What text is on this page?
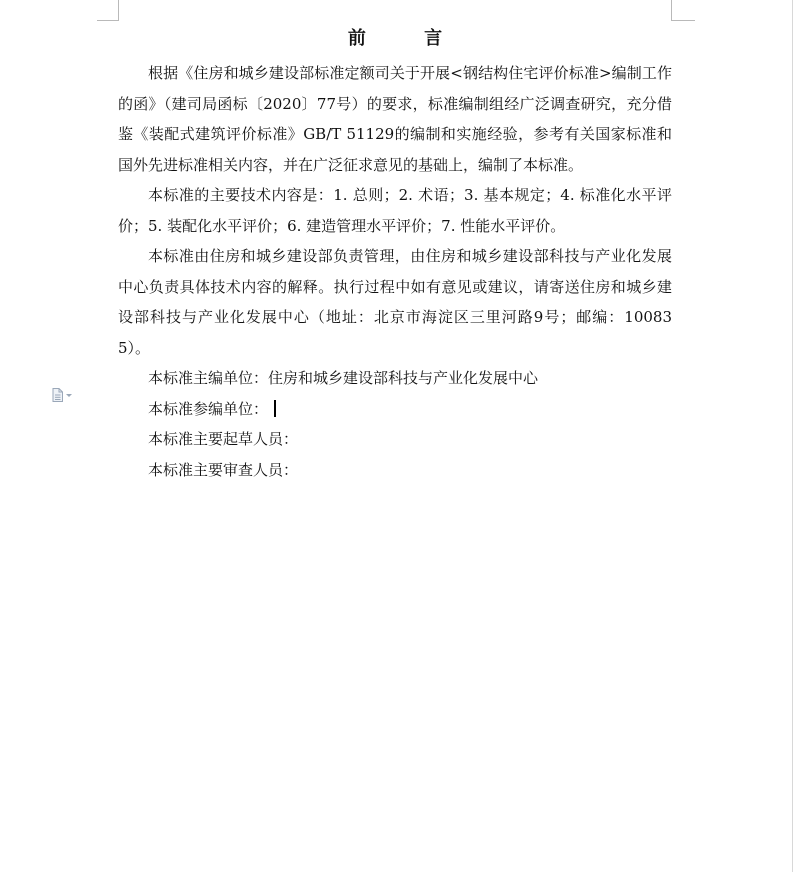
前 言

根据《住房和城乡建设部标准定额司关于开展<钢结构住宅评价标准>编制工作的函》（建司局函标〔2020〕77号）的要求，标准编制组经广泛调查研究，充分借鉴《装配式建筑评价标准》GB/T 51129的编制和实施经验，参考有关国家标准和国外先进标准相关内容，并在广泛征求意见的基础上，编制了本标准。

本标准的主要技术内容是：1. 总则；2. 术语；3. 基本规定；4. 标准化水平评价；5. 装配化水平评价；6. 建造管理水平评价；7. 性能水平评价。

本标准由住房和城乡建设部负责管理，由住房和城乡建设部科技与产业化发展中心负责具体技术内容的解释。执行过程中如有意见或建议，请寄送住房和城乡建设部科技与产业化发展中心（地址：北京市海淀区三里河路9号；邮编：100835）。

本标准主编单位：住房和城乡建设部科技与产业化发展中心

本标准参编单位：

本标准主要起草人员：

本标准主要审查人员：
